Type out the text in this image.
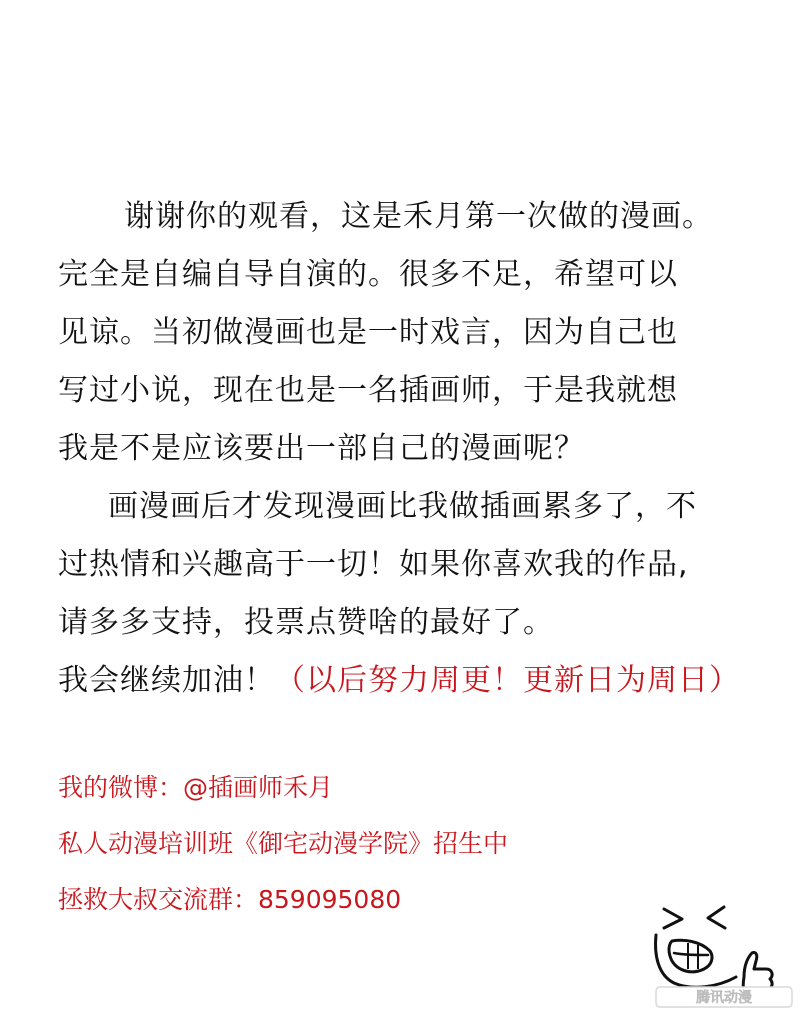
谢谢你的观看，这是禾月第一次做的漫画。
完全是自编自导自演的。很多不足，希望可以
见谅。当初做漫画也是一时戏言，因为自己也
写过小说，现在也是一名插画师，于是我就想
我是不是应该要出一部自己的漫画呢？
画漫画后才发现漫画比我做插画累多了，不
过热情和兴趣高于一切！如果你喜欢我的作品,
请多多支持，投票点赞啥的最好了。
我会继续加油！（以后努力周更！更新日为周日）
我的微博：@插画师禾月
私人动漫培训班《御宅动漫学院》招生中
拯救大叔交流群：859095080
腾讯动漫
